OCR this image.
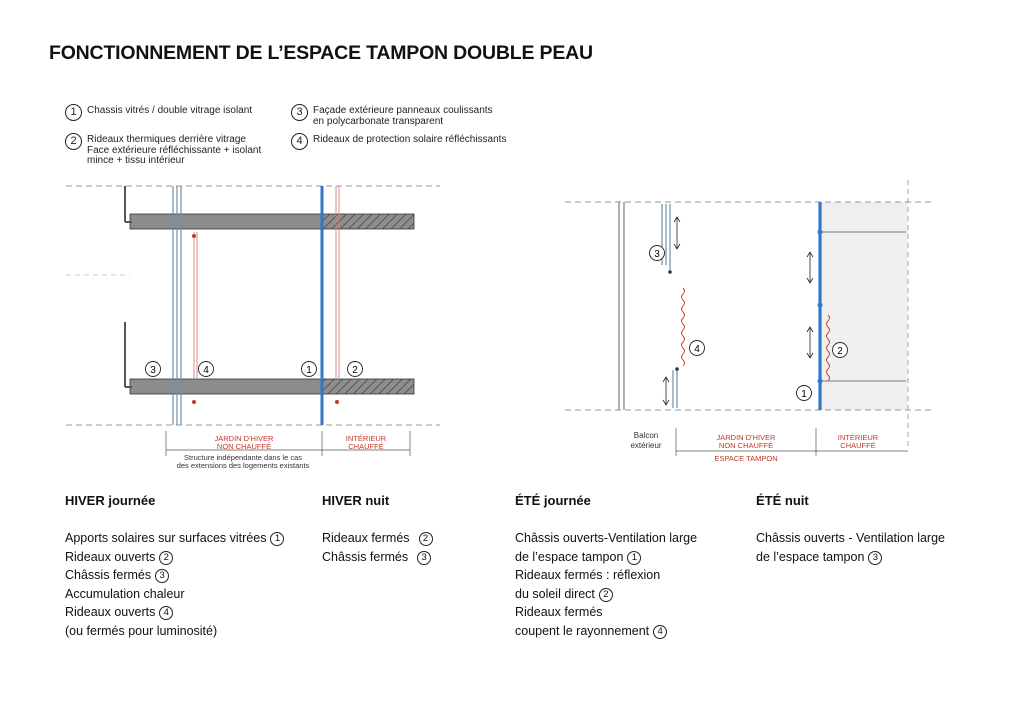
FONCTIONNEMENT DE L’ESPACE TAMPON DOUBLE PEAU
1	Chassis vitrés / double vitrage isolant
2	Rideaux thermiques derrière vitrage
Face extérieure réfléchissante + isolant
mince + tissu intérieur
3	Façade extérieure panneaux coulissants
en polycarbonate transparent
4	Rideaux de protection solaire réfléchissants
3	4	1	2
JARDIN D'HIVER
NON CHAUFFÉ
INTÉRIEUR
CHAUFFÉ
Structure indépendante dans le cas
des extensions des logements existants
3
4	2
1
Balcon
extérieur
JARDIN D'HIVER
NON CHAUFFÉ
INTÉRIEUR
CHAUFFÉ
ESPACE TAMPON
HIVER journée	HIVER nuit	ÉTÉ journée	ÉTÉ nuit
Apports solaires sur surfaces vitrées 1
Rideaux ouverts 2
Châssis fermés 3
Accumulation chaleur
Rideaux ouverts 4
(ou fermés pour luminosité)
Rideaux fermés 2
Châssis fermés 3
Châssis ouverts-Ventilation large
de l’espace tampon 1
Rideaux fermés : réflexion
du soleil direct 2
Rideaux fermés
coupent le rayonnement 4
Châssis ouverts - Ventilation large
de l’espace tampon 3
